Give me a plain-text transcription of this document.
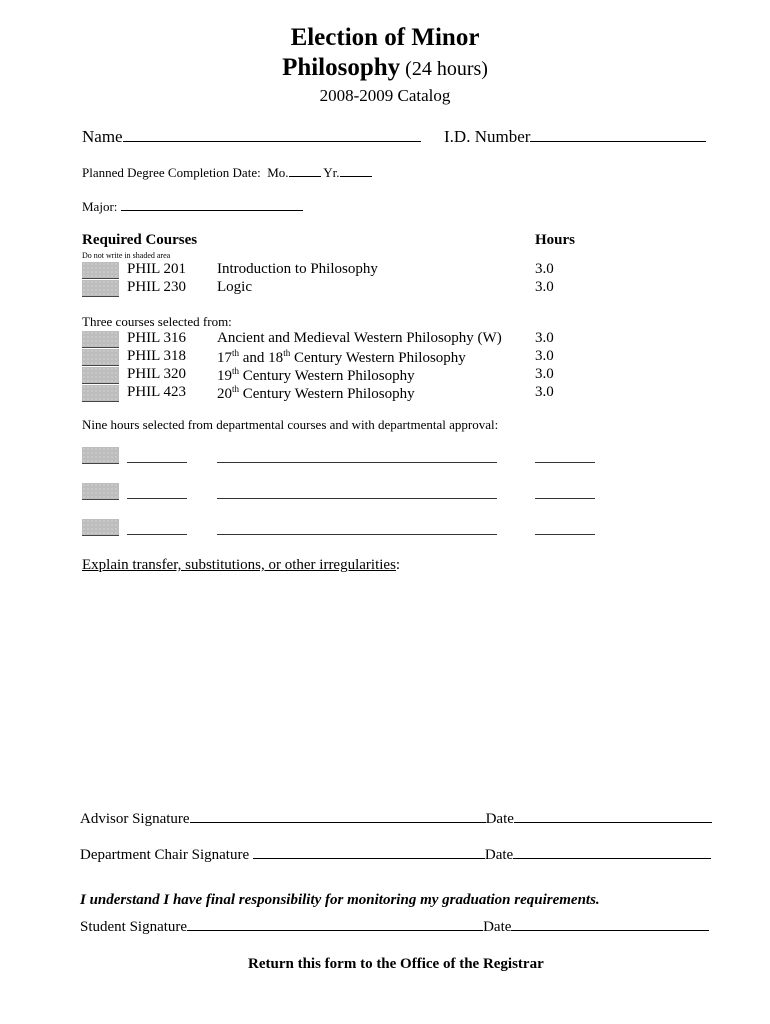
Election of Minor
Philosophy (24 hours)
2008-2009 Catalog
Name	I.D. Number
Planned Degree Completion Date: Mo.	Yr.
Major:
Required Courses	Hours
Do not write in shaded area
PHIL 201 Introduction to Philosophy	3.0
PHIL 230 Logic	3.0
Three courses selected from:
PHIL 316 Ancient and Medieval Western Philosophy (W) 3.0
PHIL 318 17th and 18th Century Western Philosophy	3.0
PHIL 320 19th Century Western Philosophy	3.0
PHIL 423 20th Century Western Philosophy	3.0
Nine hours selected from departmental courses and with departmental approval:
Explain transfer, substitutions, or other irregularities:
Advisor Signature	Date
Department Chair Signature	Date
I understand I have final responsibility for monitoring my graduation requirements.
Student Signature	Date
Return this form to the Office of the Registrar
